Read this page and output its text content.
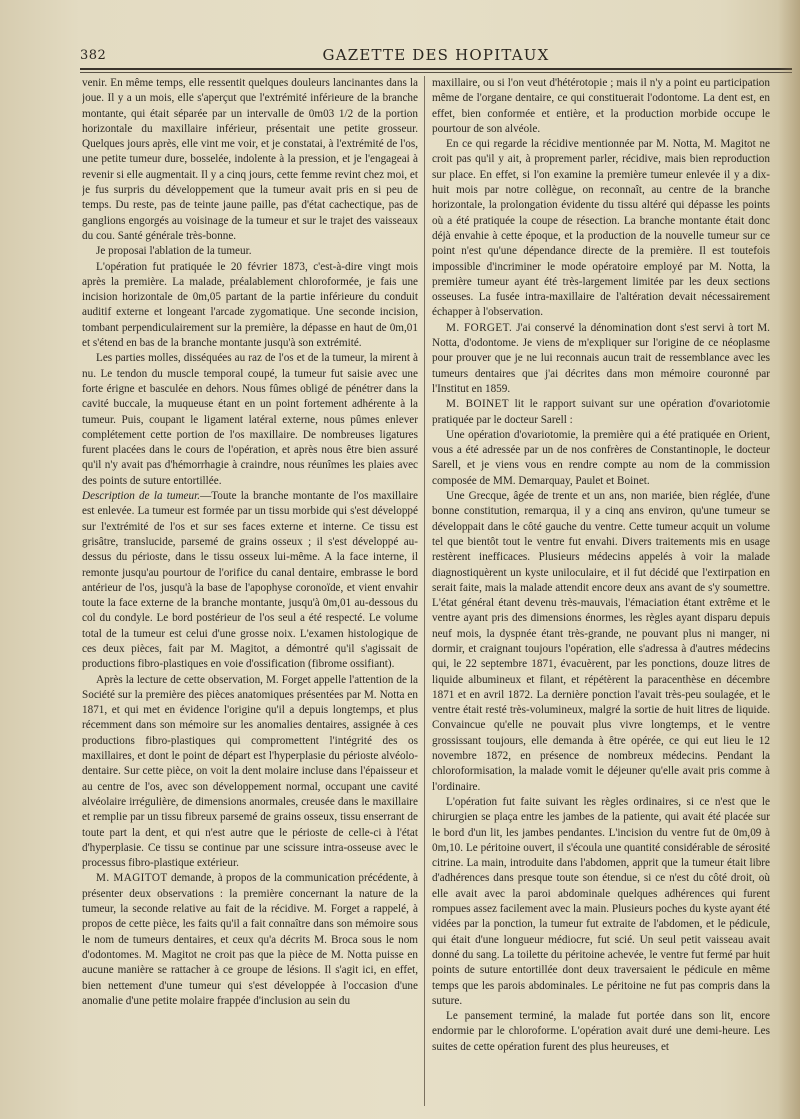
382	GAZETTE DES HOPITAUX

venir. En même temps, elle ressentit quelques douleurs lancinantes dans la joue. Il y a un mois, elle s'aperçut que l'extrémité inférieure de la branche montante, qui était séparée par un intervalle de 0m03 1/2 de la portion horizontale du maxillaire inférieur, présentait une petite grosseur. Quelques jours après, elle vint me voir, et je constatai, à l'extrémité de l'os, une petite tumeur dure, bosselée, indolente à la pression, et je l'engageai à revenir si elle augmentait. Il y a cinq jours, cette femme revint chez moi, et je fus surpris du développement que la tumeur avait pris en si peu de temps. Du reste, pas de teinte jaune paille, pas d'état cachectique, pas de ganglions engorgés au voisinage de la tumeur et sur le trajet des vaisseaux du cou. Santé générale très-bonne.

Je proposai l'ablation de la tumeur.

L'opération fut pratiquée le 20 février 1873, c'est-à-dire vingt mois après la première. La malade, préalablement chloroformée, je fais une incision horizontale de 0m,05 partant de la partie inférieure du conduit auditif externe et longeant l'arcade zygomatique. Une seconde incision, tombant perpendiculairement sur la première, la dépasse en haut de 0m,01 et s'étend en bas de la branche montante jusqu'à son extrémité.

Les parties molles, disséquées au raz de l'os et de la tumeur, la mirent à nu. Le tendon du muscle temporal coupé, la tumeur fut saisie avec une forte érigne et basculée en dehors. Nous fûmes obligé de pénétrer dans la cavité buccale, la muqueuse étant en un point fortement adhérente à la tumeur. Puis, coupant le ligament latéral externe, nous pûmes enlever complétement cette portion de l'os maxillaire. De nombreuses ligatures furent placées dans le cours de l'opération, et après nous être bien assuré qu'il n'y avait pas d'hémorrhagie à craindre, nous réunîmes les plaies avec des points de suture entortillée.

Description de la tumeur.—Toute la branche montante de l'os maxillaire est enlevée. La tumeur est formée par un tissu morbide qui s'est développé sur l'extrémité de l'os et sur ses faces externe et interne. Ce tissu est grisâtre, translucide, parsemé de grains osseux ; il s'est développé au-dessus du périoste, dans le tissu osseux lui-même. A la face interne, il remonte jusqu'au pourtour de l'orifice du canal dentaire, embrasse le bord antérieur de l'os, jusqu'à la base de l'apophyse coronoïde, et vient envahir toute la face externe de la branche montante, jusqu'à 0m,01 au-dessous du col du condyle. Le bord postérieur de l'os seul a été respecté. Le volume total de la tumeur est celui d'une grosse noix. L'examen histologique de ces deux pièces, fait par M. Magitot, a démontré qu'il s'agissait de productions fibro-plastiques en voie d'ossification (fibrome ossifiant).

Après la lecture de cette observation, M. Forget appelle l'attention de la Société sur la première des pièces anatomiques présentées par M. Notta en 1871, et qui met en évidence l'origine qu'il a depuis longtemps, et plus récemment dans son mémoire sur les anomalies dentaires, assignée à ces productions fibro-plastiques qui compromettent l'intégrité des os maxillaires, et dont le point de départ est l'hyperplasie du périoste alvéolo-dentaire. Sur cette pièce, on voit la dent molaire incluse dans l'épaisseur et au centre de l'os, avec son développement normal, occupant une cavité alvéolaire irrégulière, de dimensions anormales, creusée dans le maxillaire et remplie par un tissu fibreux parsemé de grains osseux, tissu enserrant de toute part la dent, et qui n'est autre que le périoste de celle-ci à l'état d'hyperplasie. Ce tissu se continue par une scissure intra-osseuse avec le processus fibro-plastique extérieur.

M. MAGITOT demande, à propos de la communication précédente, à présenter deux observations : la première concernant la nature de la tumeur, la seconde relative au fait de la récidive. M. Forget a rappelé, à propos de cette pièce, les faits qu'il a fait connaître dans son mémoire sous le nom de tumeurs dentaires, et ceux qu'a décrits M. Broca sous le nom d'odontomes. M. Magitot ne croit pas que la pièce de M. Notta puisse en aucune manière se rattacher à ce groupe de lésions. Il s'agit ici, en effet, bien nettement d'une tumeur qui s'est développée à l'occasion d'une anomalie d'une petite molaire frappée d'inclusion au sein du

maxillaire, ou si l'on veut d'hétérotopie ; mais il n'y a point eu participation même de l'organe dentaire, ce qui constituerait l'odontome. La dent est, en effet, bien conformée et entière, et la production morbide occupe le pourtour de son alvéole.

En ce qui regarde la récidive mentionnée par M. Notta, M. Magitot ne croit pas qu'il y ait, à proprement parler, récidive, mais bien reproduction sur place. En effet, si l'on examine la première tumeur enlevée il y a dix-huit mois par notre collègue, on reconnaît, au centre de la branche horizontale, la prolongation évidente du tissu altéré qui dépasse les points où a été pratiquée la coupe de résection. La branche montante était donc déjà envahie à cette époque, et la production de la nouvelle tumeur sur ce point n'est qu'une dépendance directe de la première. Il est toutefois impossible d'incriminer le mode opératoire employé par M. Notta, la première tumeur ayant été très-largement limitée par les deux sections osseuses. La fusée intra-maxillaire de l'altération devait nécessairement échapper à l'observation.

M. FORGET. J'ai conservé la dénomination dont s'est servi à tort M. Notta, d'odontome. Je viens de m'expliquer sur l'origine de ce néoplasme pour prouver que je ne lui reconnais aucun trait de ressemblance avec les tumeurs dentaires que j'ai décrites dans mon mémoire couronné par l'Institut en 1859.

M. BOINET lit le rapport suivant sur une opération d'ovariotomie pratiquée par le docteur Sarell :

Une opération d'ovariotomie, la première qui a été pratiquée en Orient, vous a été adressée par un de nos confrères de Constantinople, le docteur Sarell, et je viens vous en rendre compte au nom de la commission composée de MM. Demarquay, Paulet et Boinet.

Une Grecque, âgée de trente et un ans, non mariée, bien réglée, d'une bonne constitution, remarqua, il y a cinq ans environ, qu'une tumeur se développait dans le côté gauche du ventre. Cette tumeur acquit un volume tel que bientôt tout le ventre fut envahi. Divers traitements mis en usage restèrent inefficaces. Plusieurs médecins appelés à voir la malade diagnostiquèrent un kyste uniloculaire, et il fut décidé que l'extirpation en serait faite, mais la malade attendit encore deux ans avant de s'y soumettre. L'état général étant devenu très-mauvais, l'émaciation étant extrême et le ventre ayant pris des dimensions énormes, les règles ayant disparu depuis neuf mois, la dyspnée étant très-grande, ne pouvant plus ni manger, ni dormir, et craignant toujours l'opération, elle s'adressa à d'autres médecins qui, le 22 septembre 1871, évacuèrent, par les ponctions, douze litres de liquide albumineux et filant, et répétèrent la paracenthèse en décembre 1871 et en avril 1872. La dernière ponction l'avait très-peu soulagée, et le ventre était resté très-volumineux, malgré la sortie de huit litres de liquide. Convaincue qu'elle ne pouvait plus vivre longtemps, et le ventre grossissant toujours, elle demanda à être opérée, ce qui eut lieu le 12 novembre 1872, en présence de nombreux médecins. Pendant la chloroformisation, la malade vomit le déjeuner qu'elle avait pris comme à l'ordinaire.

L'opération fut faite suivant les règles ordinaires, si ce n'est que le chirurgien se plaça entre les jambes de la patiente, qui avait été placée sur le bord d'un lit, les jambes pendantes. L'incision du ventre fut de 0m,09 à 0m,10. Le péritoine ouvert, il s'écoula une quantité considérable de sérosité citrine. La main, introduite dans l'abdomen, apprit que la tumeur était libre d'adhérences dans presque toute son étendue, si ce n'est du côté droit, où elle avait avec la paroi abdominale quelques adhérences qui furent rompues assez facilement avec la main. Plusieurs poches du kyste ayant été vidées par la ponction, la tumeur fut extraite de l'abdomen, et le pédicule, qui était d'une longueur médiocre, fut scié. Un seul petit vaisseau avait donné du sang. La toilette du péritoine achevée, le ventre fut fermé par huit points de suture entortillée dont deux traversaient le pédicule en même temps que les parois abdominales. Le péritoine ne fut pas compris dans la suture.

Le pansement terminé, la malade fut portée dans son lit, encore endormie par le chloroforme. L'opération avait duré une demi-heure. Les suites de cette opération furent des plus heureuses, et
